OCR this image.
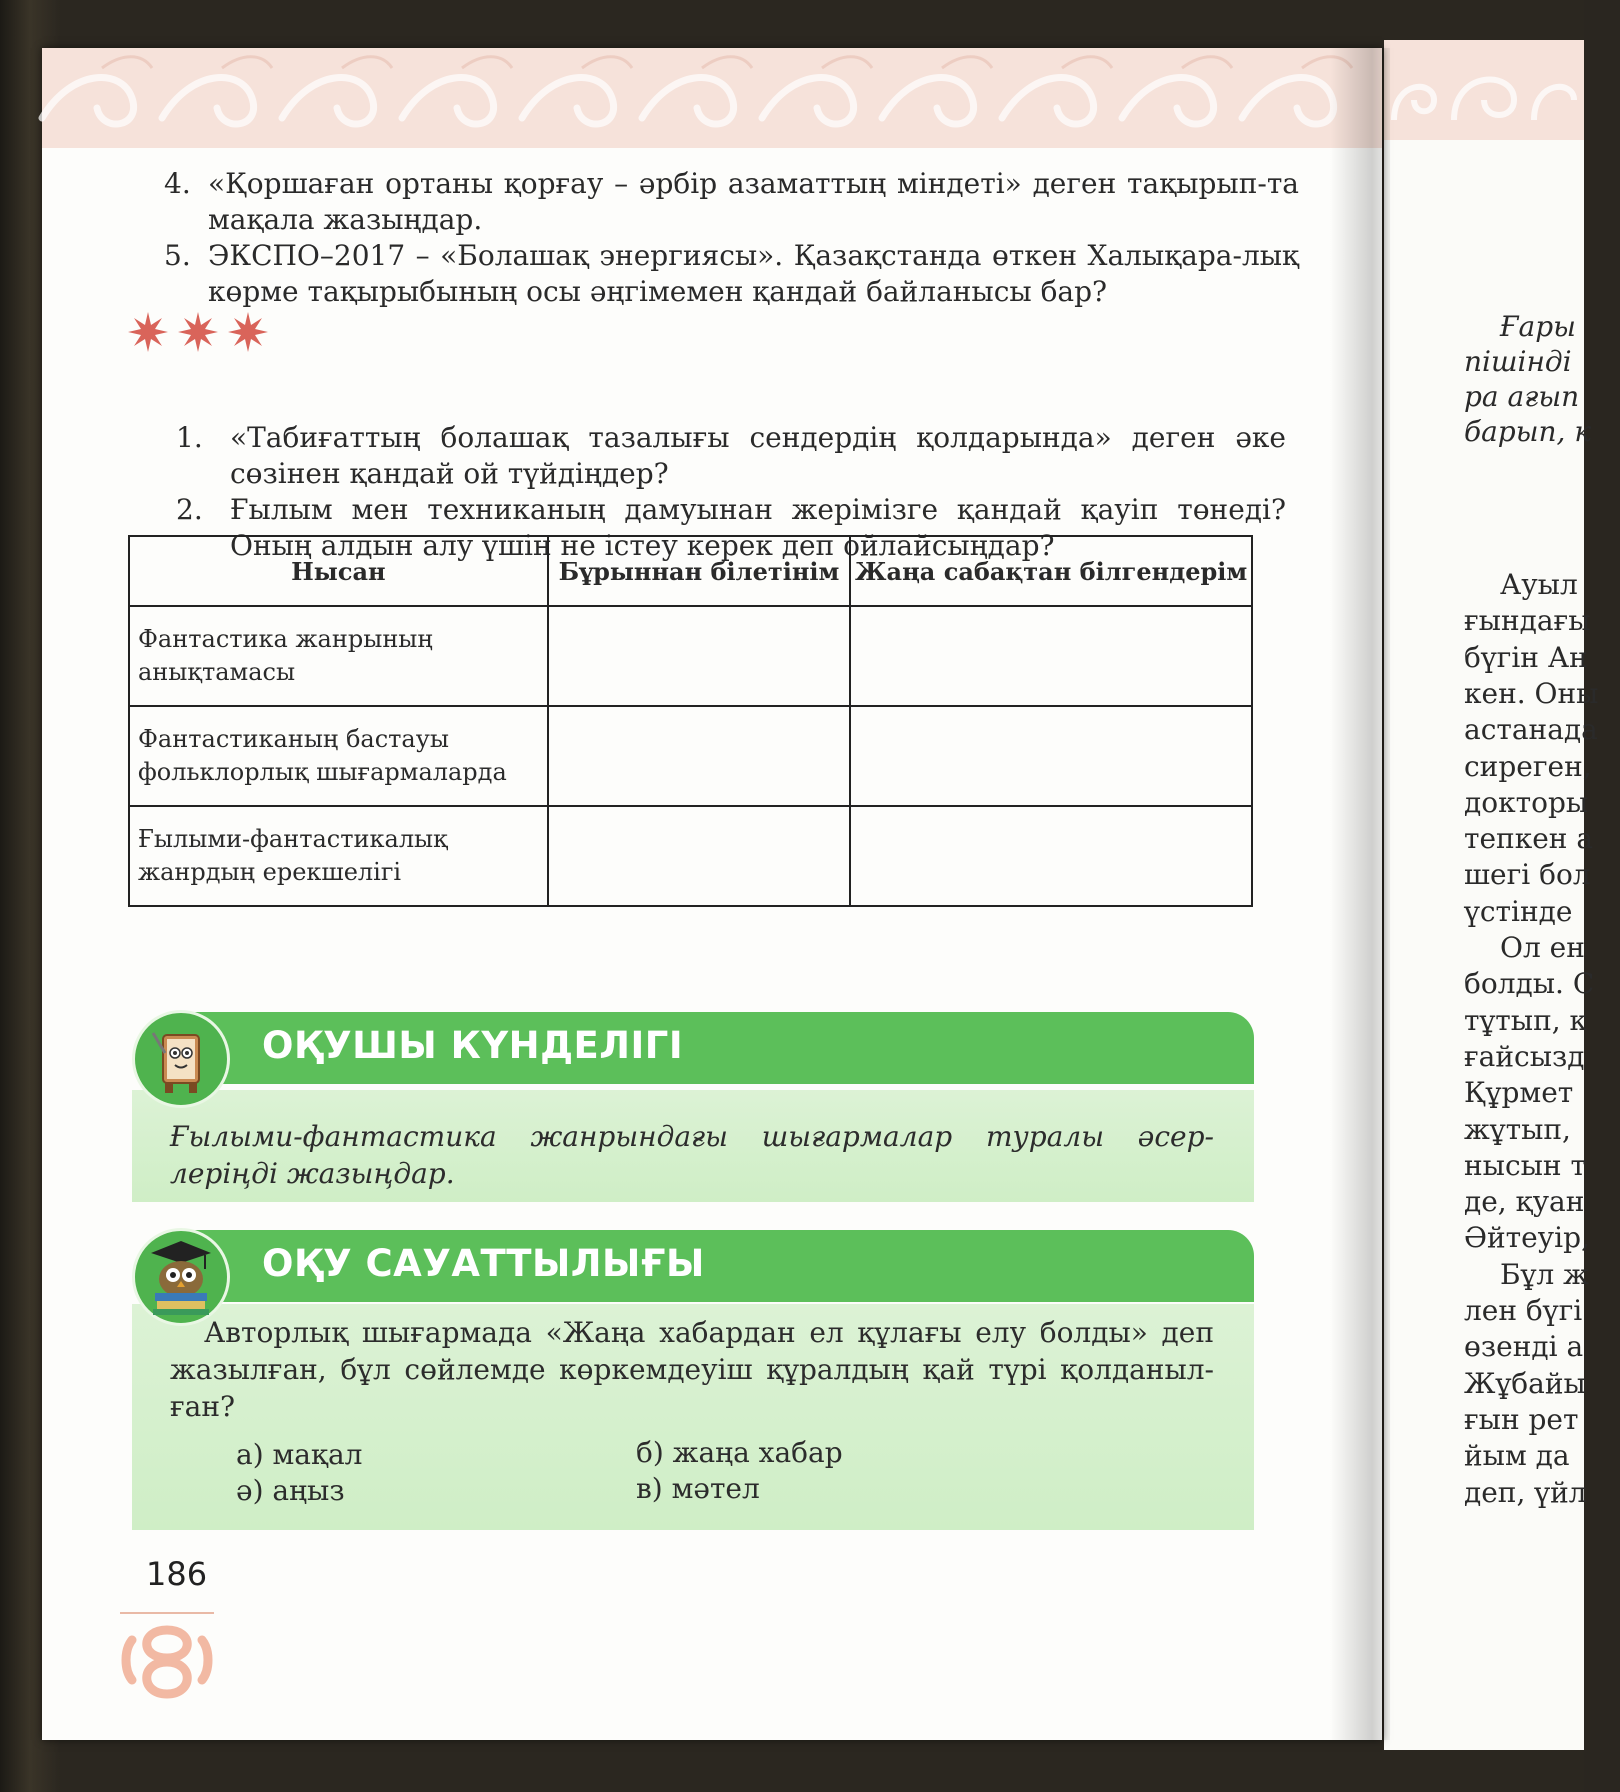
4. «Қоршаған ортаны қорғау – әрбір азаматтың міндеті» деген тақырып-та мақала жазыңдар.
5. ЭКСПО–2017 – «Болашақ энергиясы». Қазақстанда өткен Халықара-лық көрме тақырыбының осы әңгімемен қандай байланысы бар?
1. «Табиғаттың болашақ тазалығы сендердің қолдарында» деген әке сөзінен қандай ой түйдіңдер?
2. Ғылым мен техниканың дамуынан жерімізге қандай қауіп төнеді? Оның алдын алу үшін не істеу керек деп ойлайсыңдар?
Нысан	Бұрыннан білетінім	Жаңа сабақтан білгендерім
Фантастика жанрының анықтамасы		
Фантастиканың бастауы фольклорлық шығармаларда		
Ғылыми-фантастикалық жанрдың ерекшелігі		
Ғылыми-фантастика жанрындағы шығармалар туралы әсер-леріңді жазыңдар.
ОҚУШЫ КҮНДЕЛІГІ
Авторлық шығармада «Жаңа хабардан ел құлағы елу болды» деп жазылған, бұл сөйлемде көркемдеуіш құралдың қай түрі қолданыл-ған?
а) мақал	б) жаңа хабар
ә) аңыз	в) мәтел
ОҚУ САУАТТЫЛЫҒЫ
186
Ғары
пішінді
ра ағып
барып, к
Ауыл
ғындағы
бүгін Ан
кен. Оны
астанада
сиреген,
докторы
тепкен а
шегі бол
үстінде
Ол ен
болды. С
тұтып, к
ғайсызд
Құрмет
жұтып,
нысын т
де, қуан
Әйтеуір,
Бұл ж
лен бүгі
өзенді а
Жұбайы
ғын рет
йым да
деп, үйл
